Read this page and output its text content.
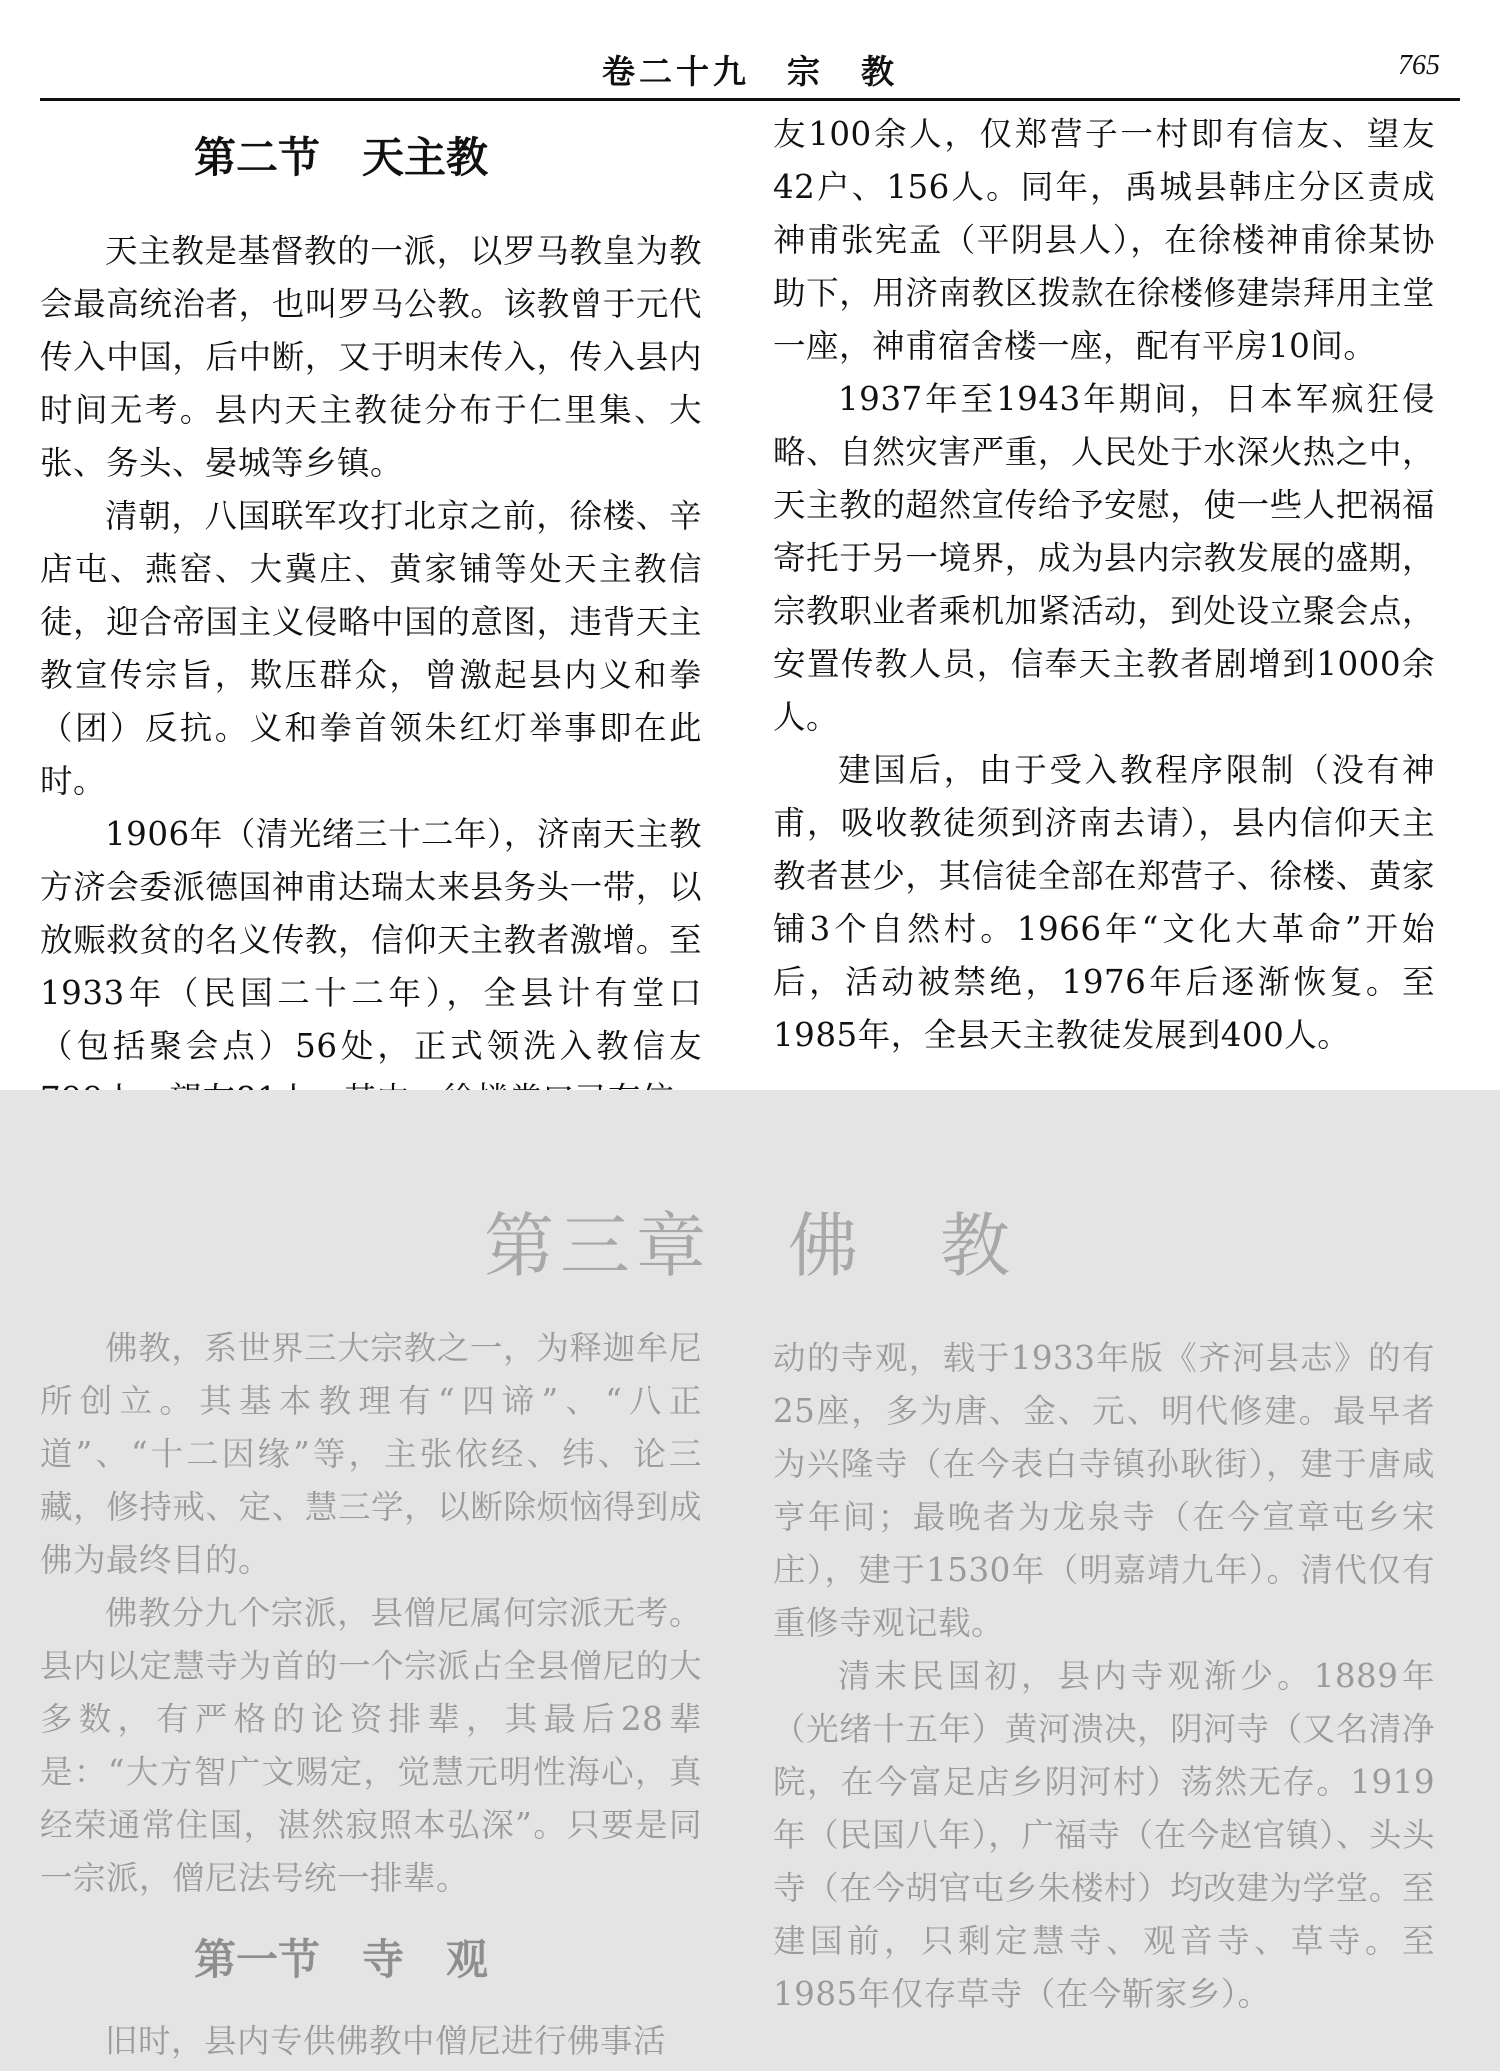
卷二十九　宗　教	765
第二节　天主教

天主教是基督教的一派，以罗马教皇为教会最高统治者，也叫罗马公教。该教曾于元代传入中国，后中断，又于明末传入，传入县内时间无考。县内天主教徒分布于仁里集、大张、务头、晏城等乡镇。

清朝，八国联军攻打北京之前，徐楼、辛店屯、燕窑、大冀庄、黄家铺等处天主教信徒，迎合帝国主义侵略中国的意图，违背天主教宣传宗旨，欺压群众，曾激起县内义和拳（团）反抗。义和拳首领朱红灯举事即在此时。

1906年（清光绪三十二年），济南天主教方济会委派德国神甫达瑞太来县务头一带，以放赈救贫的名义传教，信仰天主教者激增。至1933年（民国二十二年），全县计有堂口（包括聚会点）56处，正式领洗入教信友

友100余人，仅郑营子一村即有信友、望友42户、156人。同年，禹城县韩庄分区责成神甫张宪孟（平阴县人），在徐楼神甫徐某协助下，用济南教区拨款在徐楼修建崇拜用主堂一座，神甫宿舍楼一座，配有平房10间。

1937年至1943年期间，日本军疯狂侵略、自然灾害严重，人民处于水深火热之中，天主教的超然宣传给予安慰，使一些人把祸福寄托于另一境界，成为县内宗教发展的盛期，宗教职业者乘机加紧活动，到处设立聚会点，安置传教人员，信奉天主教者剧增到1000余人。

建国后，由于受入教程序限制（没有神甫，吸收教徒须到济南去请），县内信仰天主教者甚少，其信徒全部在郑营子、徐楼、黄家铺3个自然村。1966年“文化大革命”开始后，活动被禁绝，1976年后逐渐恢复。至1985年，全县天主教徒发展到400人。

第三章　佛　教

佛教，系世界三大宗教之一，为释迦牟尼所创立。其基本教理有“四谛”、“八正道”、“十二因缘”等，主张依经、纬、论三藏，修持戒、定、慧三学，以断除烦恼得到成佛为最终目的。

佛教分九个宗派，县僧尼属何宗派无考。县内以定慧寺为首的一个宗派占全县僧尼的大多数，有严格的论资排辈，其最后28辈是：“大方智广文赐定，觉慧元明性海心，真经荣通常住国，湛然寂照本弘深”。只要是同一宗派，僧尼法号统一排辈。

第一节　寺　观

旧时，县内专供佛教中僧尼进行佛事活

动的寺观，载于1933年版《齐河县志》的有25座，多为唐、金、元、明代修建。最早者为兴隆寺（在今表白寺镇孙耿街），建于唐咸亨年间；最晚者为龙泉寺（在今宣章屯乡宋庄），建于1530年（明嘉靖九年）。清代仅有重修寺观记载。

清末民国初，县内寺观渐少。1889年（光绪十五年）黄河溃决，阴河寺（又名清净院，在今富足店乡阴河村）荡然无存。1919年（民国八年），广福寺（在今赵官镇）、头头寺（在今胡官屯乡朱楼村）均改建为学堂。至建国前，只剩定慧寺、观音寺、草寺。至1985年仅存草寺（在今靳家乡）。
